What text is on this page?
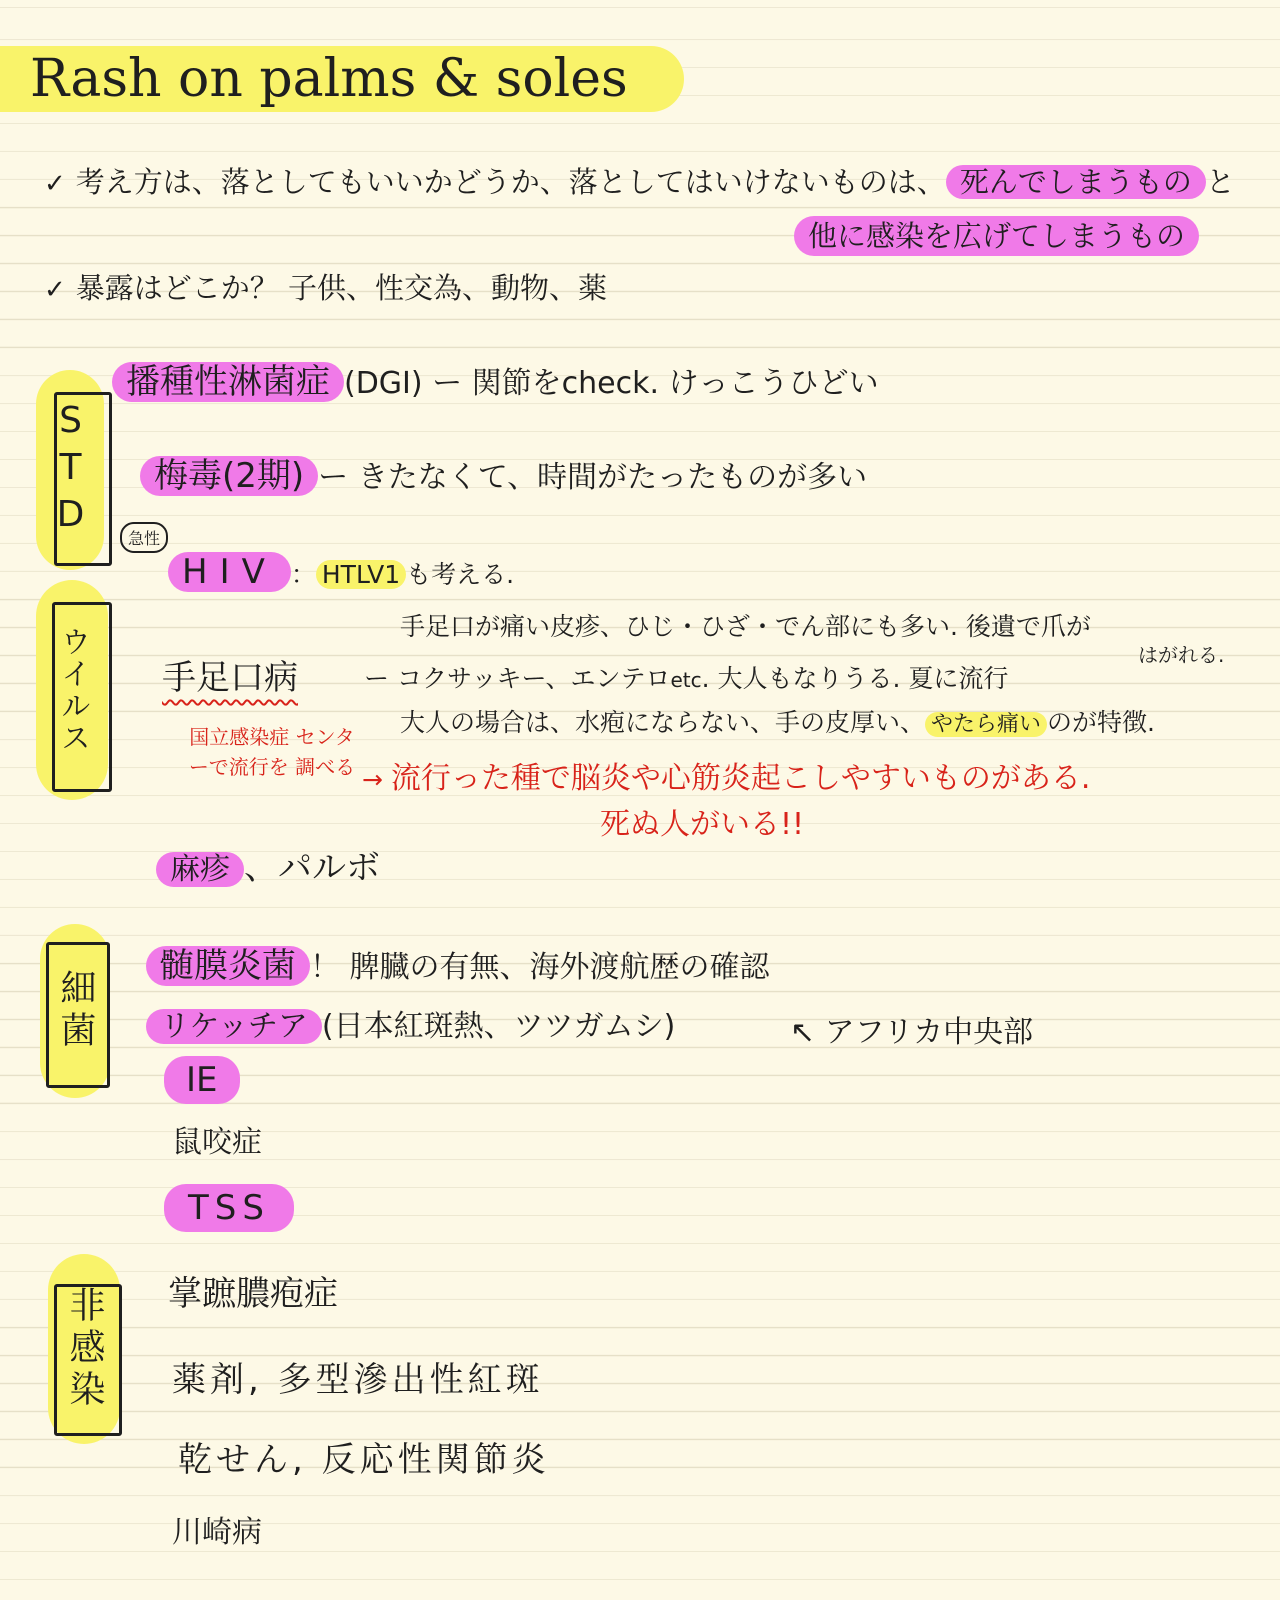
Rash on palms & soles
✓ 考え方は、落としてもいいかどうか、落としてはいけないものは、 死んでしまうもの と
他に感染を広げてしまうもの
✓ 暴露はどこか？ 子供、性交為、動物、薬
STD
播種性淋菌症 (DGI) ー 関節をcheck. けっこうひどい
梅毒(2期) ー きたなくて、時間がたったものが多い
急性
HIV ： HTLV1 も考える.
ウイルス	手足口が痛い皮疹、ひじ・ひざ・でん部にも多い. 後遺で爪が
はがれる.
手足口病	ー コクサッキー、エンテロetc. 大人もなりうる. 夏に流行
大人の場合は、水疱にならない、手の皮厚い、 やたら痛い のが特徴.
国立感染症 センターで流行を 調べる → 流行った種で脳炎や心筋炎起こしやすいものがある.
死ぬ人がいる!!
麻疹 、パルボ
細菌
髄膜炎菌 ！ 脾臓の有無、海外渡航歴の確認
リケッチア (日本紅斑熱、ツツガムシ)	↖ アフリカ中央部
IE
鼠咬症
TSS
非感染 掌蹠膿疱症
薬剤, 多型滲出性紅斑
乾せん, 反応性関節炎
川崎病
